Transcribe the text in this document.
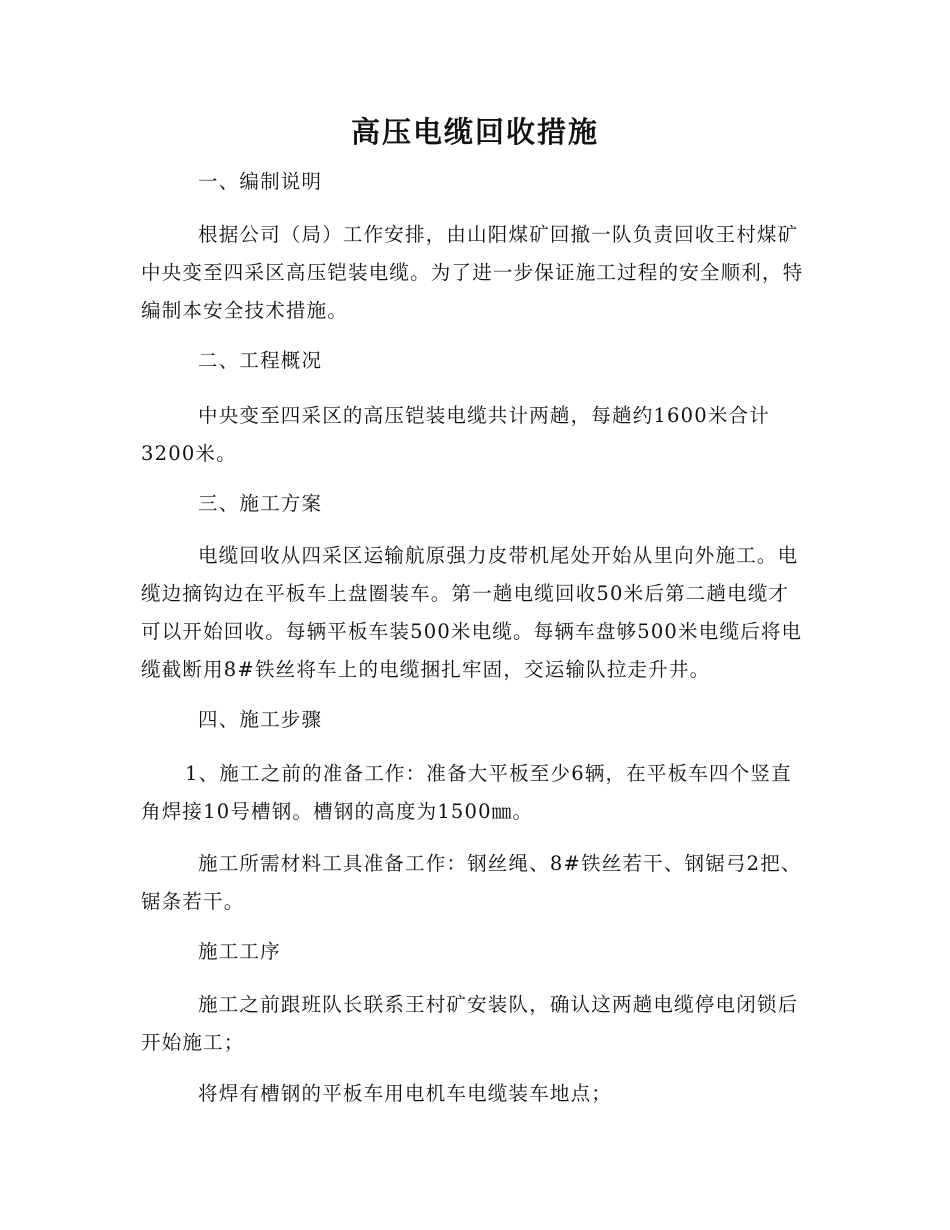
高压电缆回收措施
一、编制说明
根据公司（局）工作安排，由山阳煤矿回撤一队负责回收王村煤矿中央变至四采区高压铠装电缆。为了进一步保证施工过程的安全顺利，特编制本安全技术措施。
二、工程概况
中央变至四采区的高压铠装电缆共计两趟，每趟约1600米合计3200米。
三、施工方案
电缆回收从四采区运输航原强力皮带机尾处开始从里向外施工。电缆边摘钩边在平板车上盘圈装车。第一趟电缆回收50米后第二趟电缆才可以开始回收。每辆平板车装500米电缆。每辆车盘够500米电缆后将电缆截断用8#铁丝将车上的电缆捆扎牢固，交运输队拉走升井。
四、施工步骤
1、施工之前的准备工作：准备大平板至少6辆，在平板车四个竖直角焊接10号槽钢。槽钢的高度为1500㎜。
施工所需材料工具准备工作：钢丝绳、8#铁丝若干、钢锯弓2把、锯条若干。
施工工序
施工之前跟班队长联系王村矿安装队，确认这两趟电缆停电闭锁后开始施工；
将焊有槽钢的平板车用电机车电缆装车地点；
